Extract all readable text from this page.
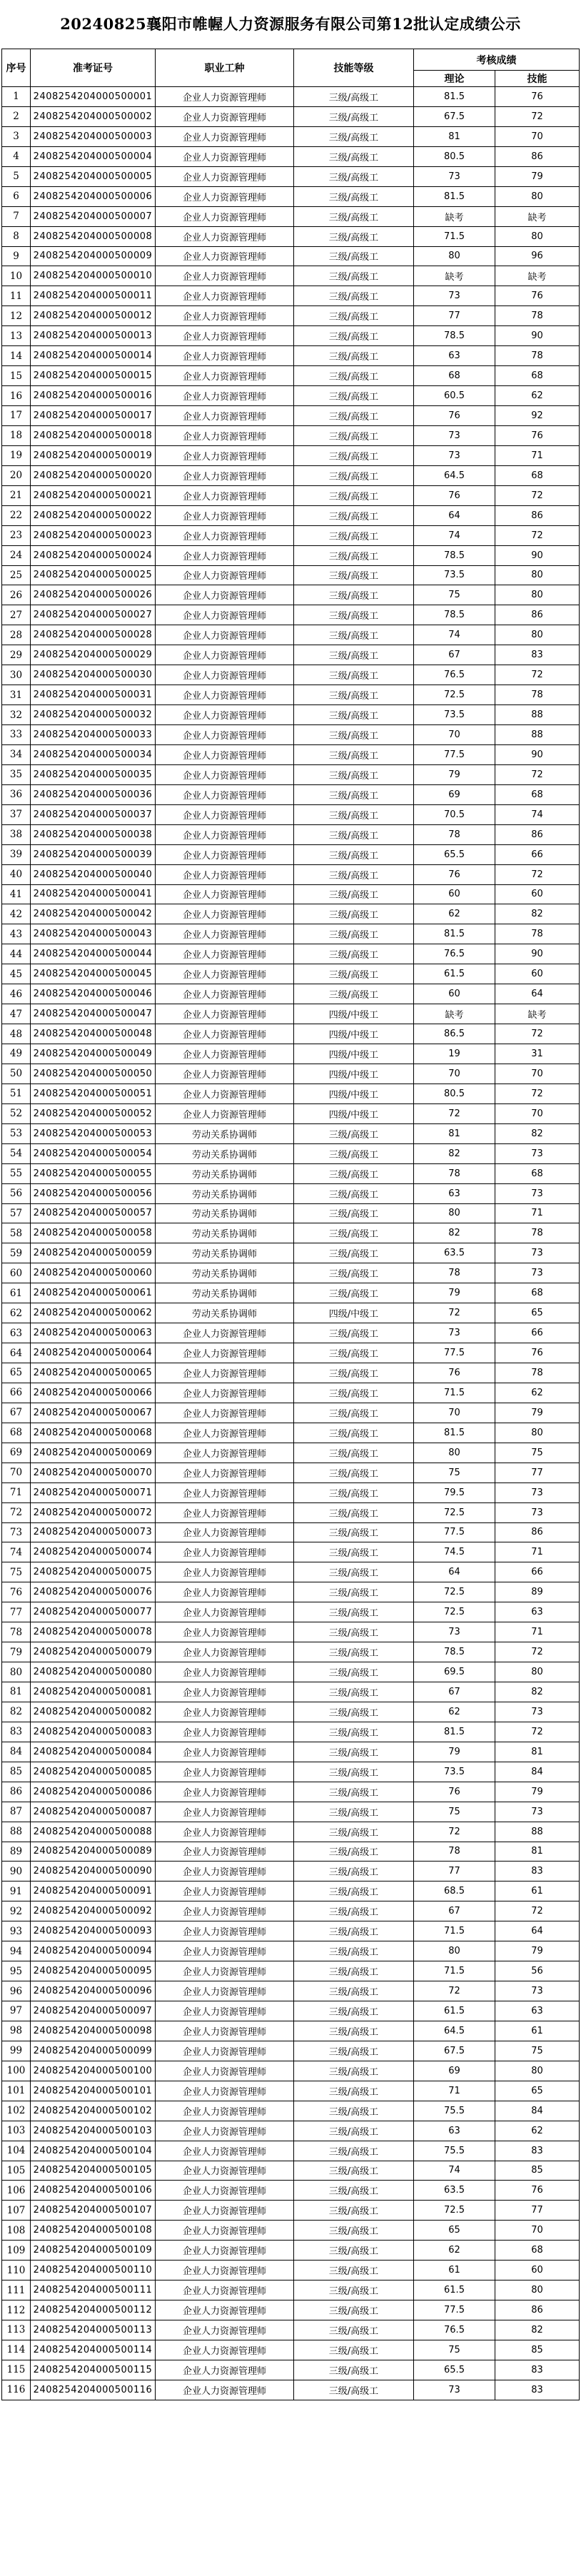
20240825襄阳市帷幄人力资源服务有限公司第12批认定成绩公示
序号	准考证号	职业工种	技能等级	考核成绩	
				理论	技能
1	2408254204000500001	企业人力资源管理师	三级/高级工	81.5	76
2	2408254204000500002	企业人力资源管理师	三级/高级工	67.5	72
3	2408254204000500003	企业人力资源管理师	三级/高级工	81	70
4	2408254204000500004	企业人力资源管理师	三级/高级工	80.5	86
5	2408254204000500005	企业人力资源管理师	三级/高级工	73	79
6	2408254204000500006	企业人力资源管理师	三级/高级工	81.5	80
7	2408254204000500007	企业人力资源管理师	三级/高级工	缺考	缺考
8	2408254204000500008	企业人力资源管理师	三级/高级工	71.5	80
9	2408254204000500009	企业人力资源管理师	三级/高级工	80	96
10	2408254204000500010	企业人力资源管理师	三级/高级工	缺考	缺考
11	2408254204000500011	企业人力资源管理师	三级/高级工	73	76
12	2408254204000500012	企业人力资源管理师	三级/高级工	77	78
13	2408254204000500013	企业人力资源管理师	三级/高级工	78.5	90
14	2408254204000500014	企业人力资源管理师	三级/高级工	63	78
15	2408254204000500015	企业人力资源管理师	三级/高级工	68	68
16	2408254204000500016	企业人力资源管理师	三级/高级工	60.5	62
17	2408254204000500017	企业人力资源管理师	三级/高级工	76	92
18	2408254204000500018	企业人力资源管理师	三级/高级工	73	76
19	2408254204000500019	企业人力资源管理师	三级/高级工	73	71
20	2408254204000500020	企业人力资源管理师	三级/高级工	64.5	68
21	2408254204000500021	企业人力资源管理师	三级/高级工	76	72
22	2408254204000500022	企业人力资源管理师	三级/高级工	64	86
23	2408254204000500023	企业人力资源管理师	三级/高级工	74	72
24	2408254204000500024	企业人力资源管理师	三级/高级工	78.5	90
25	2408254204000500025	企业人力资源管理师	三级/高级工	73.5	80
26	2408254204000500026	企业人力资源管理师	三级/高级工	75	80
27	2408254204000500027	企业人力资源管理师	三级/高级工	78.5	86
28	2408254204000500028	企业人力资源管理师	三级/高级工	74	80
29	2408254204000500029	企业人力资源管理师	三级/高级工	67	83
30	2408254204000500030	企业人力资源管理师	三级/高级工	76.5	72
31	2408254204000500031	企业人力资源管理师	三级/高级工	72.5	78
32	2408254204000500032	企业人力资源管理师	三级/高级工	73.5	88
33	2408254204000500033	企业人力资源管理师	三级/高级工	70	88
34	2408254204000500034	企业人力资源管理师	三级/高级工	77.5	90
35	2408254204000500035	企业人力资源管理师	三级/高级工	79	72
36	2408254204000500036	企业人力资源管理师	三级/高级工	69	68
37	2408254204000500037	企业人力资源管理师	三级/高级工	70.5	74
38	2408254204000500038	企业人力资源管理师	三级/高级工	78	86
39	2408254204000500039	企业人力资源管理师	三级/高级工	65.5	66
40	2408254204000500040	企业人力资源管理师	三级/高级工	76	72
41	2408254204000500041	企业人力资源管理师	三级/高级工	60	60
42	2408254204000500042	企业人力资源管理师	三级/高级工	62	82
43	2408254204000500043	企业人力资源管理师	三级/高级工	81.5	78
44	2408254204000500044	企业人力资源管理师	三级/高级工	76.5	90
45	2408254204000500045	企业人力资源管理师	三级/高级工	61.5	60
46	2408254204000500046	企业人力资源管理师	三级/高级工	60	64
47	2408254204000500047	企业人力资源管理师	四级/中级工	缺考	缺考
48	2408254204000500048	企业人力资源管理师	四级/中级工	86.5	72
49	2408254204000500049	企业人力资源管理师	四级/中级工	19	31
50	2408254204000500050	企业人力资源管理师	四级/中级工	70	70
51	2408254204000500051	企业人力资源管理师	四级/中级工	80.5	72
52	2408254204000500052	企业人力资源管理师	四级/中级工	72	70
53	2408254204000500053	劳动关系协调师	三级/高级工	81	82
54	2408254204000500054	劳动关系协调师	三级/高级工	82	73
55	2408254204000500055	劳动关系协调师	三级/高级工	78	68
56	2408254204000500056	劳动关系协调师	三级/高级工	63	73
57	2408254204000500057	劳动关系协调师	三级/高级工	80	71
58	2408254204000500058	劳动关系协调师	三级/高级工	82	78
59	2408254204000500059	劳动关系协调师	三级/高级工	63.5	73
60	2408254204000500060	劳动关系协调师	三级/高级工	78	73
61	2408254204000500061	劳动关系协调师	三级/高级工	79	68
62	2408254204000500062	劳动关系协调师	四级/中级工	72	65
63	2408254204000500063	企业人力资源管理师	三级/高级工	73	66
64	2408254204000500064	企业人力资源管理师	三级/高级工	77.5	76
65	2408254204000500065	企业人力资源管理师	三级/高级工	76	78
66	2408254204000500066	企业人力资源管理师	三级/高级工	71.5	62
67	2408254204000500067	企业人力资源管理师	三级/高级工	70	79
68	2408254204000500068	企业人力资源管理师	三级/高级工	81.5	80
69	2408254204000500069	企业人力资源管理师	三级/高级工	80	75
70	2408254204000500070	企业人力资源管理师	三级/高级工	75	77
71	2408254204000500071	企业人力资源管理师	三级/高级工	79.5	73
72	2408254204000500072	企业人力资源管理师	三级/高级工	72.5	73
73	2408254204000500073	企业人力资源管理师	三级/高级工	77.5	86
74	2408254204000500074	企业人力资源管理师	三级/高级工	74.5	71
75	2408254204000500075	企业人力资源管理师	三级/高级工	64	66
76	2408254204000500076	企业人力资源管理师	三级/高级工	72.5	89
77	2408254204000500077	企业人力资源管理师	三级/高级工	72.5	63
78	2408254204000500078	企业人力资源管理师	三级/高级工	73	71
79	2408254204000500079	企业人力资源管理师	三级/高级工	78.5	72
80	2408254204000500080	企业人力资源管理师	三级/高级工	69.5	80
81	2408254204000500081	企业人力资源管理师	三级/高级工	67	82
82	2408254204000500082	企业人力资源管理师	三级/高级工	62	73
83	2408254204000500083	企业人力资源管理师	三级/高级工	81.5	72
84	2408254204000500084	企业人力资源管理师	三级/高级工	79	81
85	2408254204000500085	企业人力资源管理师	三级/高级工	73.5	84
86	2408254204000500086	企业人力资源管理师	三级/高级工	76	79
87	2408254204000500087	企业人力资源管理师	三级/高级工	75	73
88	2408254204000500088	企业人力资源管理师	三级/高级工	72	88
89	2408254204000500089	企业人力资源管理师	三级/高级工	78	81
90	2408254204000500090	企业人力资源管理师	三级/高级工	77	83
91	2408254204000500091	企业人力资源管理师	三级/高级工	68.5	61
92	2408254204000500092	企业人力资源管理师	三级/高级工	67	72
93	2408254204000500093	企业人力资源管理师	三级/高级工	71.5	64
94	2408254204000500094	企业人力资源管理师	三级/高级工	80	79
95	2408254204000500095	企业人力资源管理师	三级/高级工	71.5	56
96	2408254204000500096	企业人力资源管理师	三级/高级工	72	73
97	2408254204000500097	企业人力资源管理师	三级/高级工	61.5	63
98	2408254204000500098	企业人力资源管理师	三级/高级工	64.5	61
99	2408254204000500099	企业人力资源管理师	三级/高级工	67.5	75
100	2408254204000500100	企业人力资源管理师	三级/高级工	69	80
101	2408254204000500101	企业人力资源管理师	三级/高级工	71	65
102	2408254204000500102	企业人力资源管理师	三级/高级工	75.5	84
103	2408254204000500103	企业人力资源管理师	三级/高级工	63	62
104	2408254204000500104	企业人力资源管理师	三级/高级工	75.5	83
105	2408254204000500105	企业人力资源管理师	三级/高级工	74	85
106	2408254204000500106	企业人力资源管理师	三级/高级工	63.5	76
107	2408254204000500107	企业人力资源管理师	三级/高级工	72.5	77
108	2408254204000500108	企业人力资源管理师	三级/高级工	65	70
109	2408254204000500109	企业人力资源管理师	三级/高级工	62	68
110	2408254204000500110	企业人力资源管理师	三级/高级工	61	60
111	2408254204000500111	企业人力资源管理师	三级/高级工	61.5	80
112	2408254204000500112	企业人力资源管理师	三级/高级工	77.5	86
113	2408254204000500113	企业人力资源管理师	三级/高级工	76.5	82
114	2408254204000500114	企业人力资源管理师	三级/高级工	75	85
115	2408254204000500115	企业人力资源管理师	三级/高级工	65.5	83
116	2408254204000500116	企业人力资源管理师	三级/高级工	73	83
